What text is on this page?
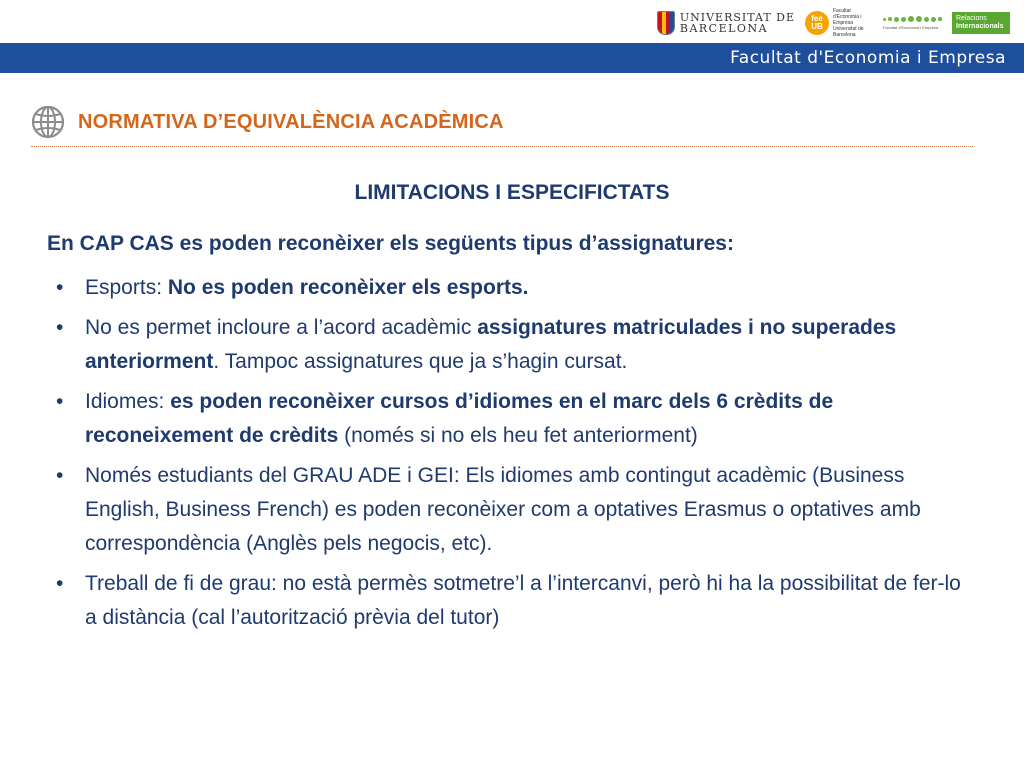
UNIVERSITAT DE
BARCELONA
fee UB
Facultat d'Economia i Empresa Universitat de Barcelona
Facultat d'Economia i Empresa
Relacions
Internacionals
Facultat d'Economia i Empresa
NORMATIVA D’EQUIVALÈNCIA ACADÈMICA
LIMITACIONS I ESPECIFICTATS
En CAP CAS es poden reconèixer els següents tipus d’assignatures:
• Esports: No es poden reconèixer els esports.
• No es permet incloure a l’acord acadèmic assignatures matriculades i no superades anteriorment. Tampoc assignatures que ja s’hagin cursat.
• Idiomes: es poden reconèixer cursos d’idiomes en el marc dels 6 crèdits de reconeixement de crèdits (només si no els heu fet anteriorment)
• Només estudiants del GRAU ADE i GEI: Els idiomes amb contingut acadèmic (Business English, Business French) es poden reconèixer com a optatives Erasmus o optatives amb correspondència (Anglès pels negocis, etc).
• Treball de fi de grau: no està permès sotmetre’l a l’intercanvi, però hi ha la possibilitat de fer-lo a distància (cal l’autorització prèvia del tutor)
